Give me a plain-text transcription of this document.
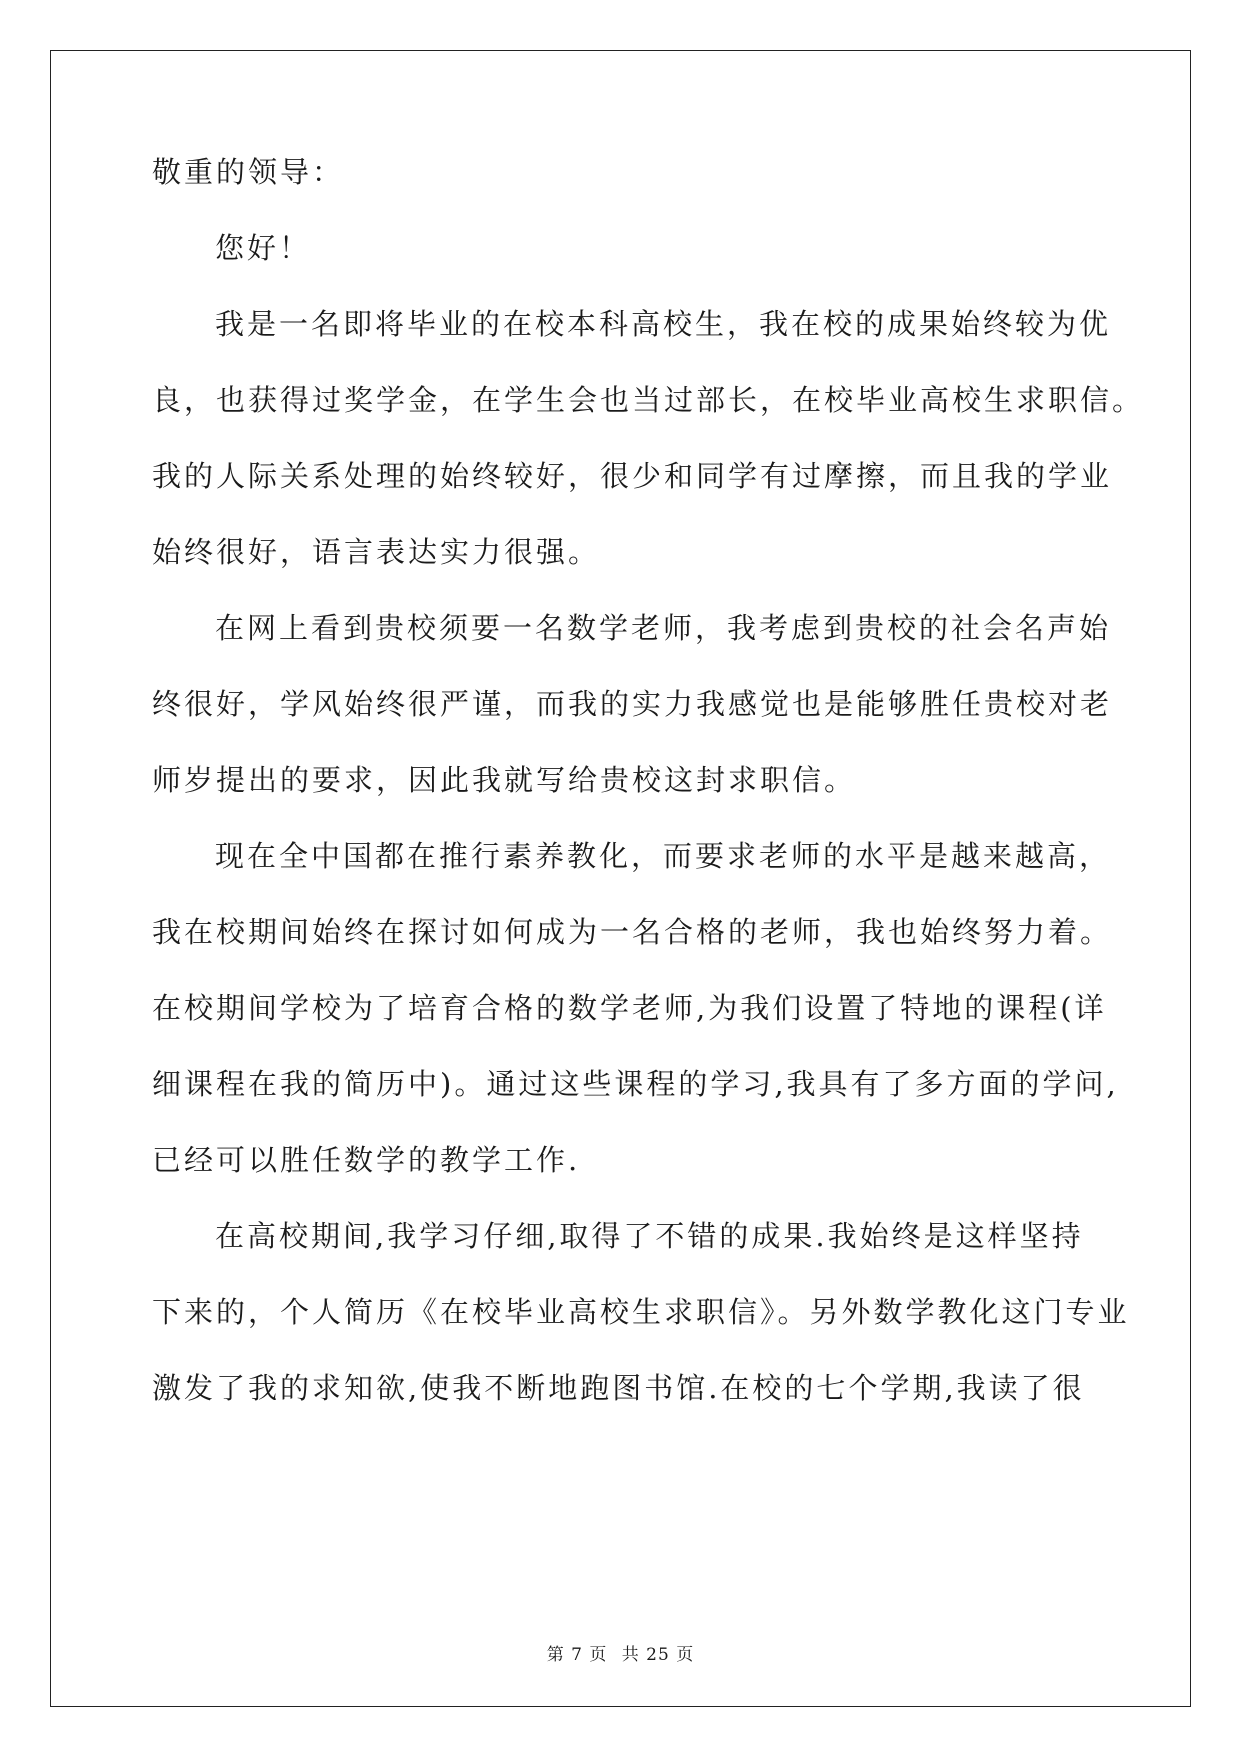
敬重的领导：
您好！
我是一名即将毕业的在校本科高校生，我在校的成果始终较为优
良，也获得过奖学金，在学生会也当过部长，在校毕业高校生求职信。
我的人际关系处理的始终较好，很少和同学有过摩擦，而且我的学业
始终很好，语言表达实力很强。
在网上看到贵校须要一名数学老师，我考虑到贵校的社会名声始
终很好，学风始终很严谨，而我的实力我感觉也是能够胜任贵校对老
师岁提出的要求，因此我就写给贵校这封求职信。
现在全中国都在推行素养教化，而要求老师的水平是越来越高，
我在校期间始终在探讨如何成为一名合格的老师，我也始终努力着。
在校期间学校为了培育合格的数学老师,为我们设置了特地的课程(详
细课程在我的简历中)。通过这些课程的学习,我具有了多方面的学问,
已经可以胜任数学的教学工作.
在高校期间,我学习仔细,取得了不错的成果.我始终是这样坚持
下来的，个人简历《在校毕业高校生求职信》。另外数学教化这门专业
激发了我的求知欲,使我不断地跑图书馆.在校的七个学期,我读了很
第 7 页 共 25 页
